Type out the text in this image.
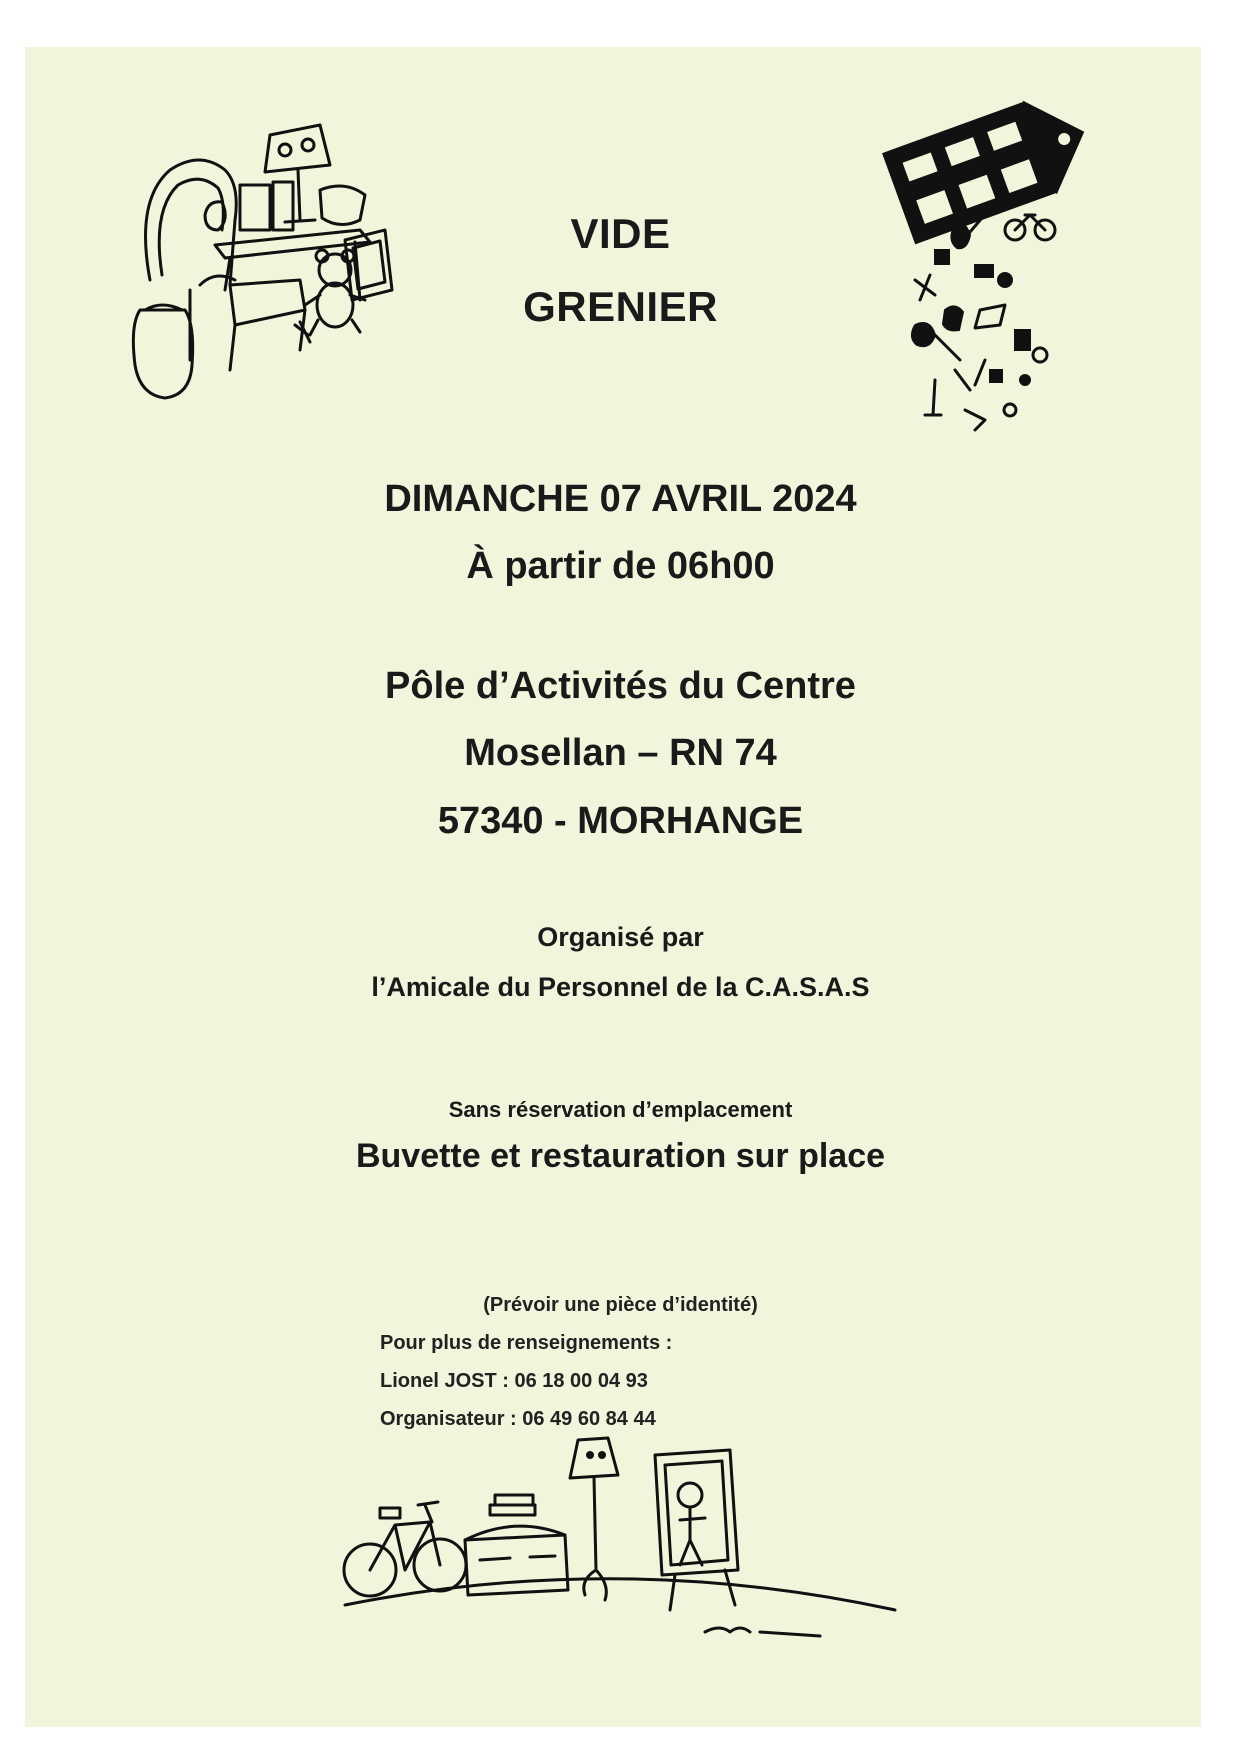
VIDE
GRENIER
DIMANCHE 07 AVRIL 2024
À partir de 06h00
Pôle d’Activités du Centre
Mosellan – RN 74
57340 - MORHANGE
Organisé par
l’Amicale du Personnel de la C.A.S.A.S
Sans réservation d’emplacement
Buvette et restauration sur place
(Prévoir une pièce d’identité)
Pour plus de renseignements :
Lionel JOST : 06 18 00 04 93
Organisateur : 06 49 60 84 44
